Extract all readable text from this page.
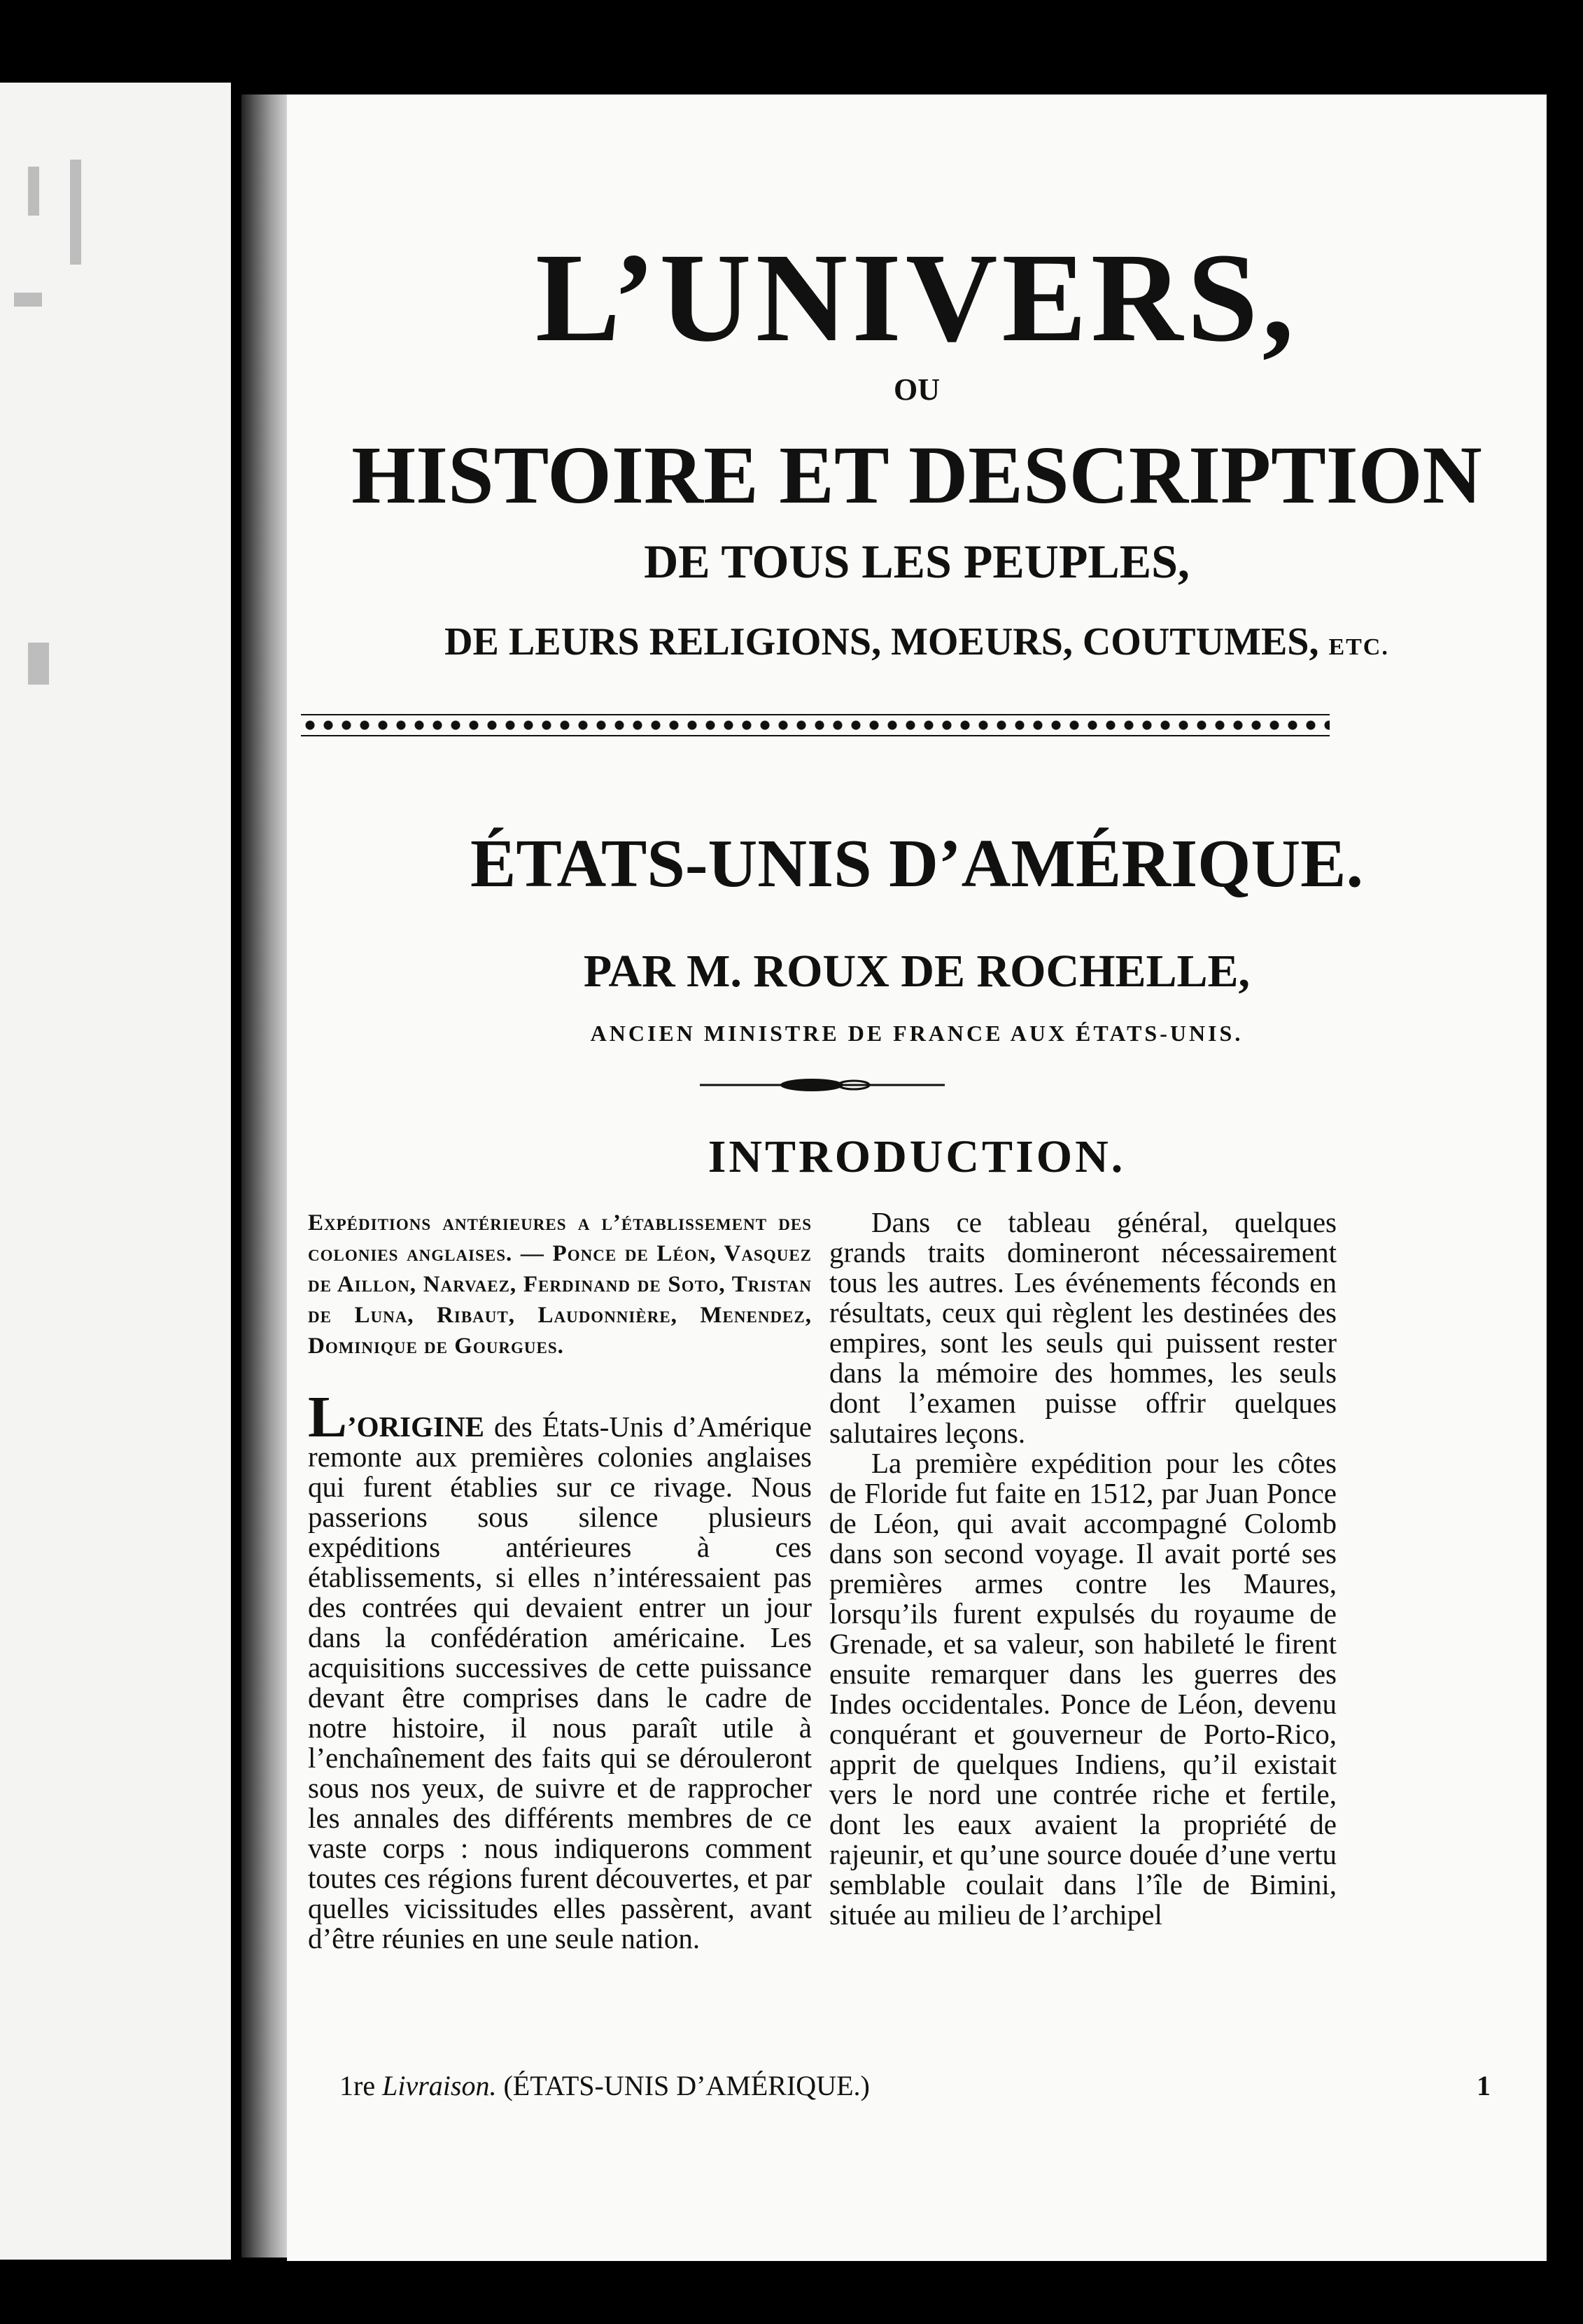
L’UNIVERS,
OU
HISTOIRE ET DESCRIPTION
DE TOUS LES PEUPLES,
DE LEURS RELIGIONS, MOEURS, COUTUMES, ETC.
ÉTATS-UNIS D’AMÉRIQUE.
PAR M. ROUX DE ROCHELLE,
ANCIEN MINISTRE DE FRANCE AUX ÉTATS-UNIS.
INTRODUCTION.

Expéditions antérieures a l’établissement des colonies anglaises. — Ponce de Léon, Vasquez de Aillon, Narvaez, Ferdinand de Soto, Tristan de Luna, Ribaut, Laudonnière, Menendez, Dominique de Gourgues.

L’ORIGINE des États-Unis d’Amérique remonte aux premières colonies anglaises qui furent établies sur ce rivage. Nous passerions sous silence plusieurs expéditions antérieures à ces établissements, si elles n’intéressaient pas des contrées qui devaient entrer un jour dans la confédération américaine. Les acquisitions successives de cette puissance devant être comprises dans le cadre de notre histoire, il nous paraît utile à l’enchaînement des faits qui se dérouleront sous nos yeux, de suivre et de rapprocher les annales des différents membres de ce vaste corps : nous indiquerons comment toutes ces régions furent découvertes, et par quelles vicissitudes elles passèrent, avant d’être réunies en une seule nation.

Dans ce tableau général, quelques grands traits domineront nécessairement tous les autres. Les événements féconds en résultats, ceux qui règlent les destinées des empires, sont les seuls qui puissent rester dans la mémoire des hommes, les seuls dont l’examen puisse offrir quelques salutaires leçons.

La première expédition pour les côtes de Floride fut faite en 1512, par Juan Ponce de Léon, qui avait accompagné Colomb dans son second voyage. Il avait porté ses premières armes contre les Maures, lorsqu’ils furent expulsés du royaume de Grenade, et sa valeur, son habileté le firent ensuite remarquer dans les guerres des Indes occidentales. Ponce de Léon, devenu conquérant et gouverneur de Porto-Rico, apprit de quelques Indiens, qu’il existait vers le nord une contrée riche et fertile, dont les eaux avaient la propriété de rajeunir, et qu’une source douée d’une vertu semblable coulait dans l’île de Bimini, située au milieu de l’archipel

1re Livraison. (ÉTATS-UNIS D’AMÉRIQUE.)	1
